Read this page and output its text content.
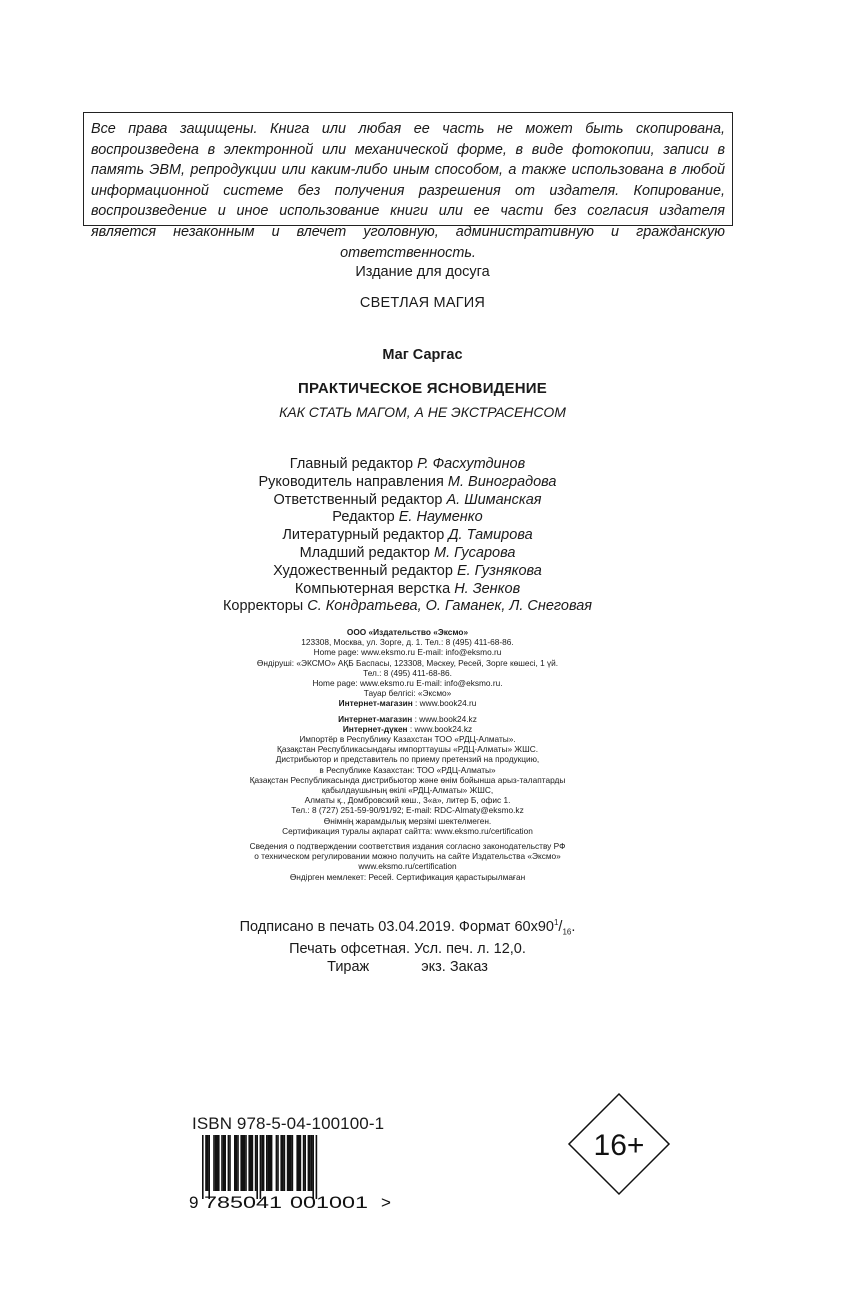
Все права защищены. Книга или любая ее часть не может быть скопирована, воспроизведена в электронной или механической форме, в виде фотокопии, записи в память ЭВМ, репродукции или каким-либо иным способом, а также использована в любой информационной системе без получения разрешения от издателя. Копирование, воспроизведение и иное использование книги или ее части без согласия издателя является незаконным и влечет уголовную, административную и гражданскую ответственность.
Издание для досуга
СВЕТЛАЯ МАГИЯ
Маг Саргас
ПРАКТИЧЕСКОЕ ЯСНОВИДЕНИЕ
КАК СТАТЬ МАГОМ, А НЕ ЭКСТРАСЕНСОМ
Главный редактор Р. Фасхутдинов
Руководитель направления М. Виноградова
Ответственный редактор А. Шиманская
Редактор Е. Науменко
Литературный редактор Д. Тамирова
Младший редактор М. Гусарова
Художественный редактор Е. Гузнякова
Компьютерная верстка Н. Зенков
Корректоры С. Кондратьева, О. Гаманек, Л. Снеговая
ООО «Издательство «Эксмо»
123308, Москва, ул. Зорге, д. 1. Тел.: 8 (495) 411-68-86.
Home page: www.eksmo.ru E-mail: info@eksmo.ru
Өндіруші: «ЭКСМО» АҚБ Баспасы, 123308, Мәскеу, Ресей, Зорге көшесі, 1 үй.
Тел.: 8 (495) 411-68-86.
Home page: www.eksmo.ru E-mail: info@eksmo.ru.
Тауар белгісі: «Эксмо»
Интернет-магазин : www.book24.ru
Интернет-магазин : www.book24.kz
Интернет-дүкен : www.book24.kz
Импортёр в Республику Казахстан ТОО «РДЦ-Алматы».
Қазақстан Республикасындағы импорттаушы «РДЦ-Алматы» ЖШС.
Дистрибьютор и представитель по приему претензий на продукцию,
в Республике Казахстан: ТОО «РДЦ-Алматы»
Қазақстан Республикасында дистрибьютор және өнім бойынша арыз-талаптарды
қабылдаушының өкілі «РДЦ-Алматы» ЖШС,
Алматы қ., Домбровский көш., 3«а», литер Б, офис 1.
Тел.: 8 (727) 251-59-90/91/92; E-mail: RDC-Almaty@eksmo.kz
Өнімнің жарамдылық мерзімі шектелмеген.
Сертификация туралы ақпарат сайтта: www.eksmo.ru/certification
Сведения о подтверждении соответствия издания согласно законодательству РФ
о техническом регулировании можно получить на сайте Издательства «Эксмо»
www.eksmo.ru/certification
Өндірген мемлекет: Ресей. Сертификация қарастырылмаған
Подписано в печать 03.04.2019. Формат $60x90^1/_{16}$.
Печать офсетная. Усл. печ. л. 12,0.
Тираж	экз. Заказ
ISBN 978-5-04-100100-1
9 785041 001001 >
16+
